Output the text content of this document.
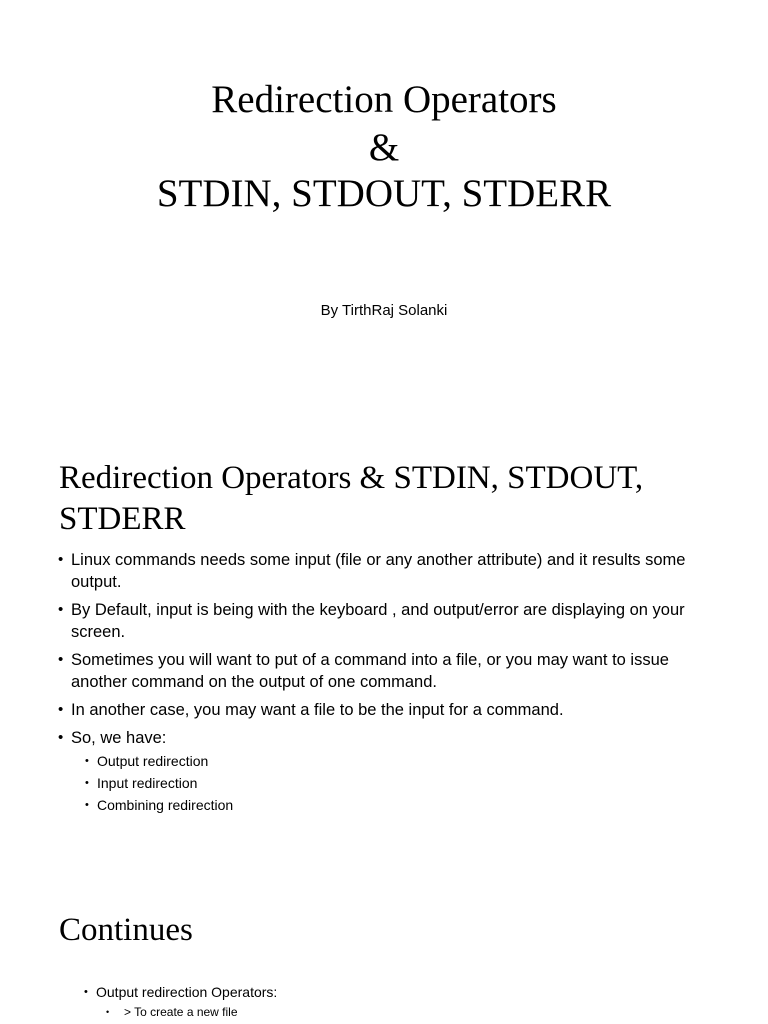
Redirection Operators
&
STDIN, STDOUT, STDERR
By TirthRaj Solanki
Redirection Operators & STDIN, STDOUT, STDERR
• Linux commands needs some input (file or any another attribute) and it results some output.
• By Default, input is being with the keyboard , and output/error are displaying on your screen.
• Sometimes you will want to put of a command into a file, or you may want to issue another command on the output of one command.
• In another case, you may want a file to be the input for a command.
• So, we have:
• Output redirection
• Input redirection
• Combining redirection
Continues
• Output redirection Operators:
• > To create a new file
